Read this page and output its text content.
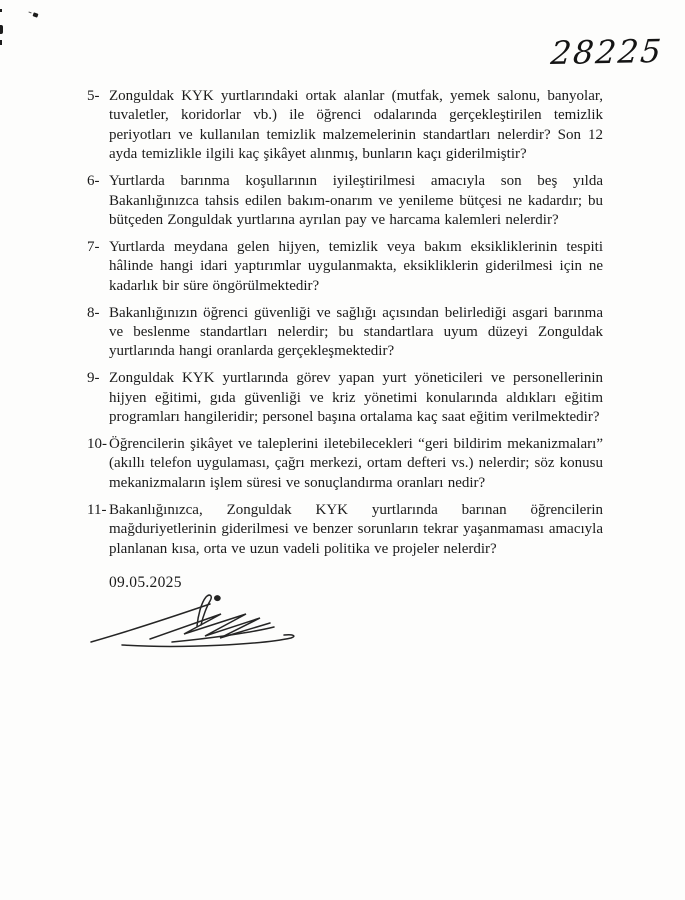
28225
5- Zonguldak KYK yurtlarındaki ortak alanlar (mutfak, yemek salonu, banyolar, tuvaletler, koridorlar vb.) ile öğrenci odalarında gerçekleştirilen temizlik periyotları ve kullanılan temizlik malzemelerinin standartları nelerdir? Son 12 ayda temizlikle ilgili kaç şikâyet alınmış, bunların kaçı giderilmiştir?
6- Yurtlarda barınma koşullarının iyileştirilmesi amacıyla son beş yılda Bakanlığınızca tahsis edilen bakım-onarım ve yenileme bütçesi ne kadardır; bu bütçeden Zonguldak yurtlarına ayrılan pay ve harcama kalemleri nelerdir?
7- Yurtlarda meydana gelen hijyen, temizlik veya bakım eksikliklerinin tespiti hâlinde hangi idari yaptırımlar uygulanmakta, eksikliklerin giderilmesi için ne kadarlık bir süre öngörülmektedir?
8- Bakanlığınızın öğrenci güvenliği ve sağlığı açısından belirlediği asgari barınma ve beslenme standartları nelerdir; bu standartlara uyum düzeyi Zonguldak yurtlarında hangi oranlarda gerçekleşmektedir?
9- Zonguldak KYK yurtlarında görev yapan yurt yöneticileri ve personellerinin hijyen eğitimi, gıda güvenliği ve kriz yönetimi konularında aldıkları eğitim programları hangileridir; personel başına ortalama kaç saat eğitim verilmektedir?
10- Öğrencilerin şikâyet ve taleplerini iletebilecekleri “geri bildirim mekanizmaları” (akıllı telefon uygulaması, çağrı merkezi, ortam defteri vs.) nelerdir; söz konusu mekanizmaların işlem süresi ve sonuçlandırma oranları nedir?
11- Bakanlığınızca, Zonguldak KYK yurtlarında barınan öğrencilerin mağduriyetlerinin giderilmesi ve benzer sorunların tekrar yaşanmaması amacıyla planlanan kısa, orta ve uzun vadeli politika ve projeler nelerdir?
09.05.2025
